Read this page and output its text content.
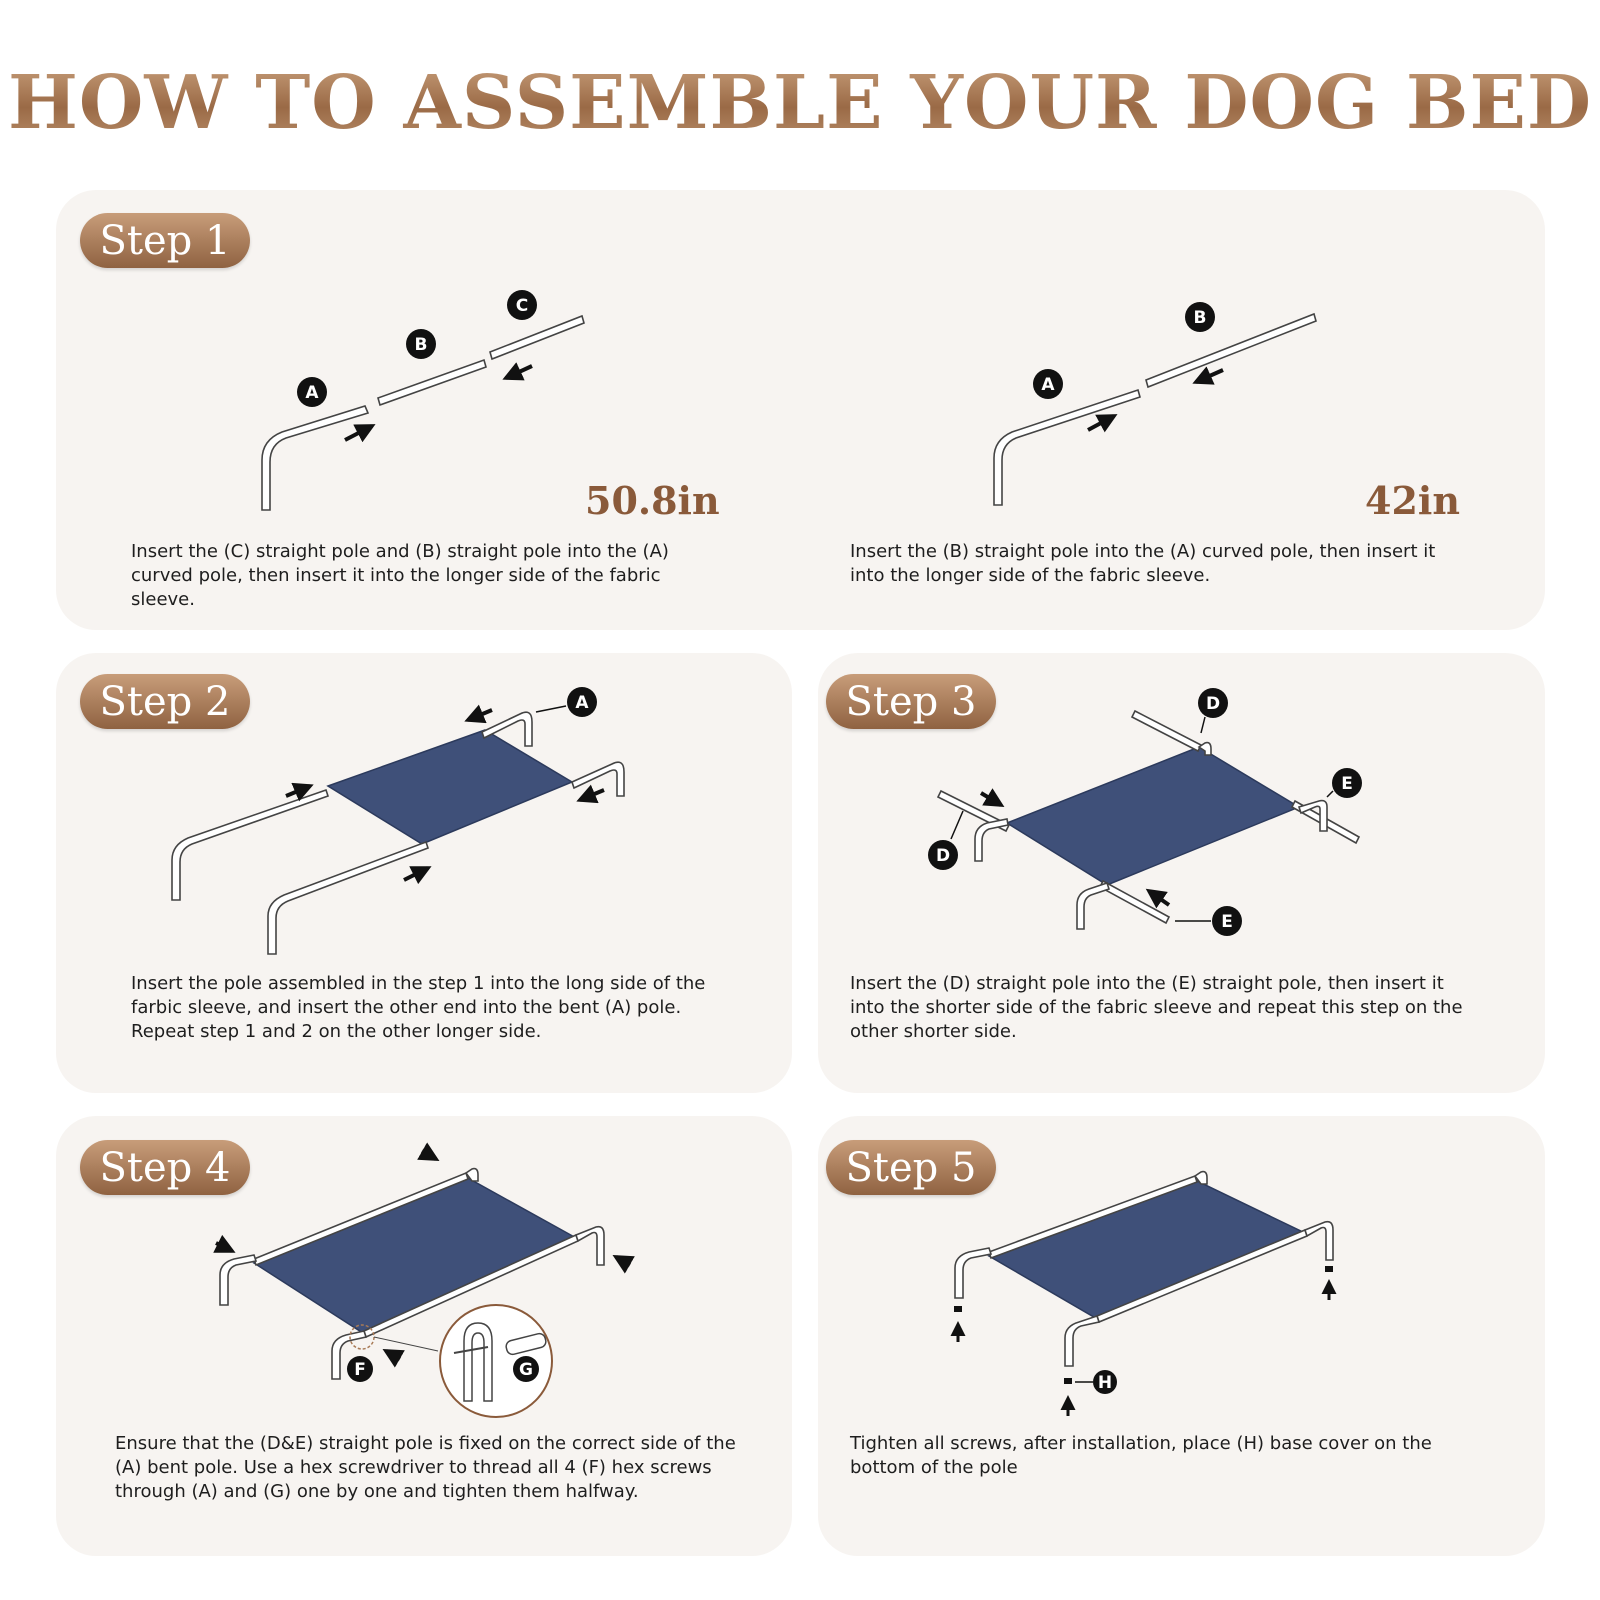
HOW TO ASSEMBLE YOUR DOG BED
Step 1
A
B
C
50.8in
Insert the (C) straight pole and (B) straight pole into the (A) curved pole, then insert it into the longer side of the fabric sleeve.
A
B
42in
Insert the (B) straight pole into the (A) curved pole, then insert it into the longer side of the fabric sleeve.
Step 2	A
Insert the pole assembled in the step 1 into the long side of the farbic sleeve, and insert the other end into the bent (A) pole. Repeat step 1 and 2 on the other longer side.
Step 3	D
D
E
E
Insert the (D) straight pole into the (E) straight pole, then insert it into the shorter side of the fabric sleeve and repeat this step on the other shorter side.
Step 4
F	G
Ensure that the (D&E) straight pole is fixed on the correct side of the (A) bent pole. Use a hex screwdriver to thread all 4 (F) hex screws through (A) and (G) one by one and tighten them halfway.
Step 5
H
Tighten all screws, after installation, place (H) base cover on the bottom of the pole
